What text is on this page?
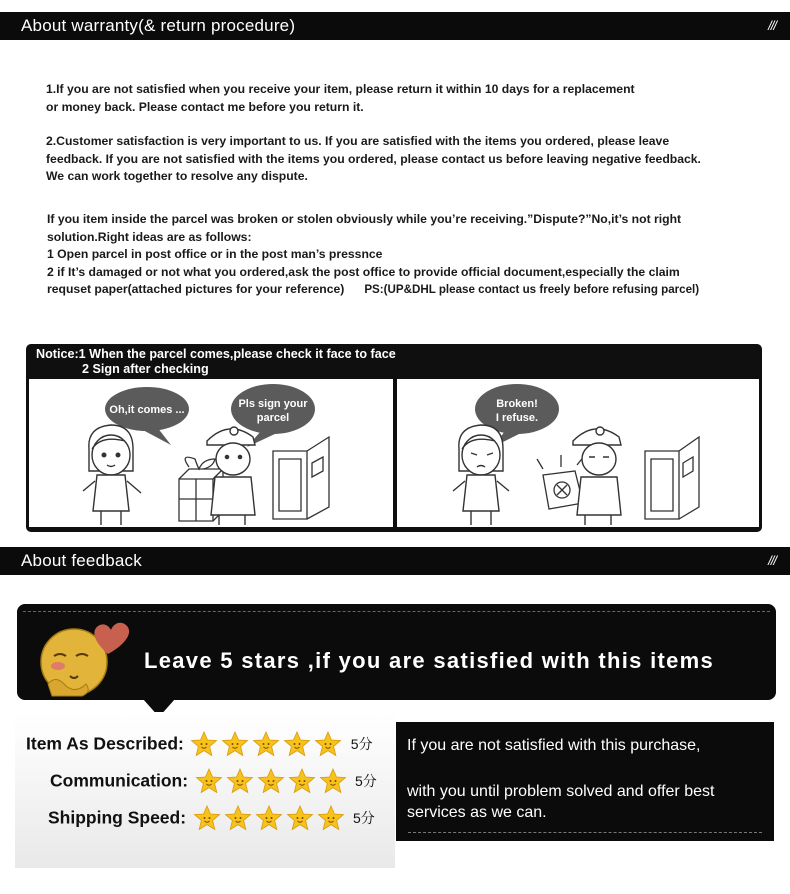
About warranty(& return procedure)	///
1.If you are not satisfied when you receive your item, please return it within 10 days for a replacement
or money back. Please contact me before you return it.
2.Customer satisfaction is very important to us. If you are satisfied with the items you ordered, please leave
feedback. If you are not satisfied with the items you ordered, please contact us before leaving negative feedback.
We can work together to resolve any dispute.
If you item inside the parcel was broken or stolen obviously while you’re receiving.”Dispute?”No,it’s not right
solution.Right ideas are as follows:
1 Open parcel in post office or in the post man’s pressnce
2 if It’s damaged or not what you ordered,ask the post office to provide official document,especially the claim
requset paper(attached pictures for your reference) PS:(UP&DHL please contact us freely before refusing parcel)
Notice:1 When the parcel comes,please check it face to face
2 Sign after checking
Oh,it comes ...	Pls sign your
parcel
Broken!
I refuse.
About feedback	///
Leave 5 stars ,if you are satisfied with this items
Item As Described:	5分
Communication:	5分
Shipping Speed:	5分
If you are not satisfied with this purchase,
with you until problem solved and offer best services as we can.
